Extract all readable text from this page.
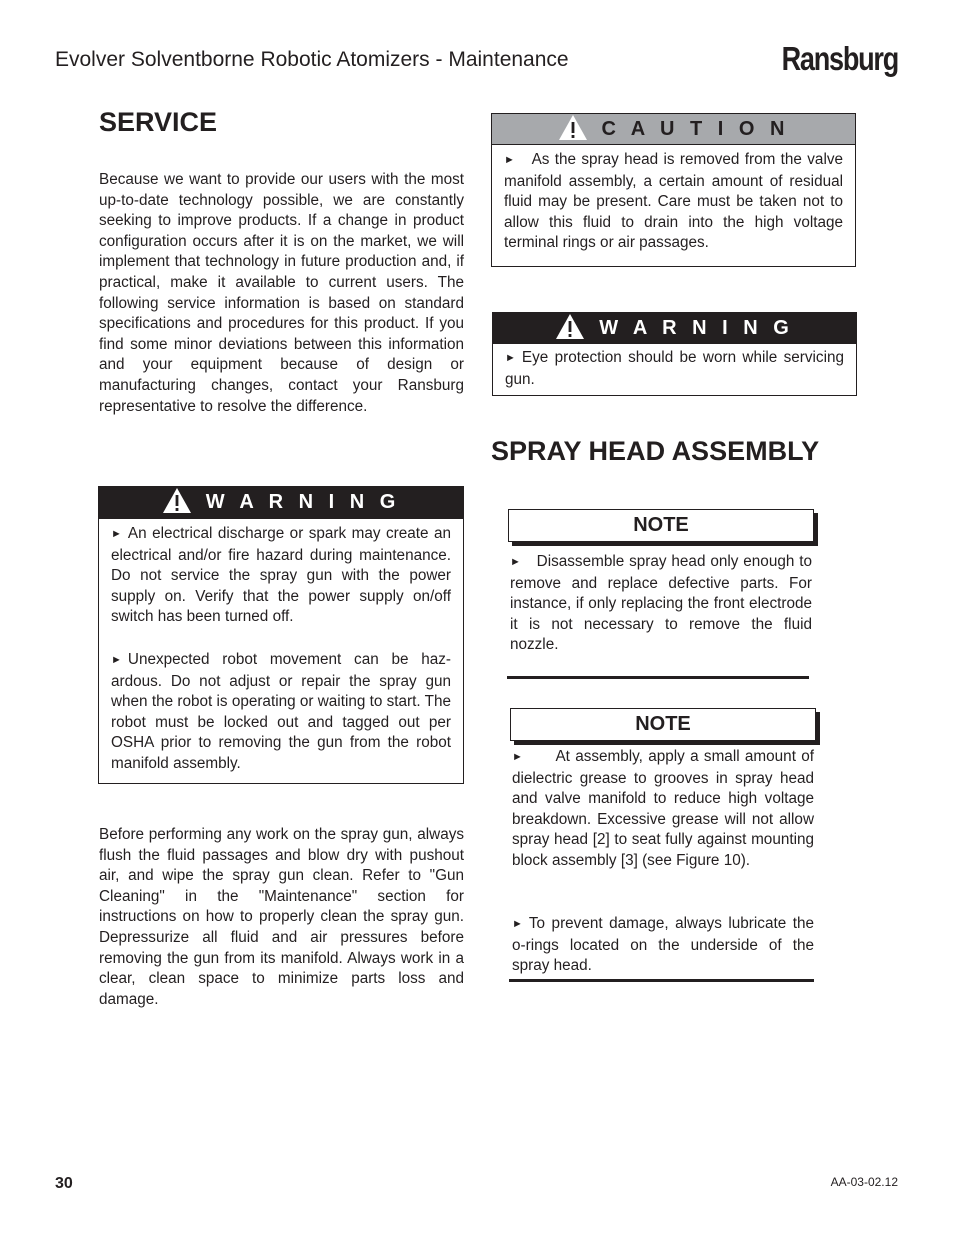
Evolver Solventborne Robotic Atomizers - Maintenance	Ransburg
SERVICE

Because we want to provide our users with the most up-to-date technology possible, we are constantly seeking to improve products. If a change in product configuration occurs after it is on the market, we will implement that technology in future production and, if practical, make it available to current users. The following service information is based on standard specifications and procedures for this product. If you find some minor deviations between this information and your equipment because of design or manufacturing changes, contact your Ransburg representative to resolve the difference.

W A R N I N G

► An electrical discharge or spark may create an electrical and/or fire hazard during maintenance. Do not service the spray gun with the power supply on. Verify that the power supply on/off switch has been turned off.

► Unexpected robot movement can be hazardous. Do not adjust or repair the spray gun when the robot is operating or waiting to start. The robot must be locked out and tagged out per OSHA prior to removing the gun from the robot manifold assembly.

Before performing any work on the spray gun, always flush the fluid passages and blow dry with pushout air, and wipe the spray gun clean. Refer to "Gun Cleaning" in the "Maintenance" section for instructions on how to properly clean the spray gun. Depressurize all fluid and air pressures before removing the gun from its manifold. Always work in a clear, clean space to minimize parts loss and damage.

C A U T I O N

► As the spray head is removed from the valve manifold assembly, a certain amount of residual fluid may be present. Care must be taken not to allow this fluid to drain into the high voltage terminal rings or air passages.

W A R N I N G

► Eye protection should be worn while servicing gun.

SPRAY HEAD ASSEMBLY
NOTE

► Disassemble spray head only enough to remove and replace defective parts. For instance, if only replacing the front electrode it is not necessary to remove the fluid nozzle.

NOTE

► At assembly, apply a small amount of dielectric grease to grooves in spray head and valve manifold to reduce high voltage breakdown. Excessive grease will not allow spray head [2] to seat fully against mounting block assembly [3] (see Figure 10).

► To prevent damage, always lubricate the o-rings located on the underside of the spray head.

30	AA-03-02.12
